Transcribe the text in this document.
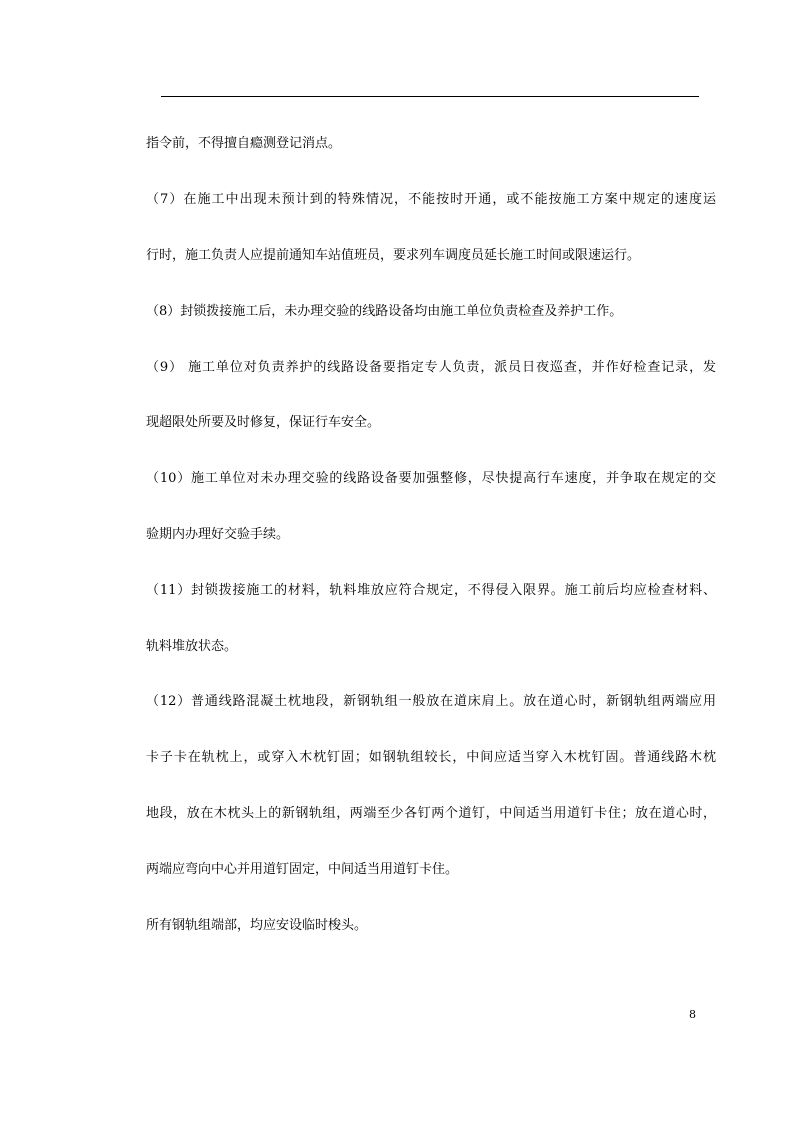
指令前，不得擅自瘾测登记消点。
（7）在施工中出现未预计到的特殊情况，不能按时开通，或不能按施工方案中规定的速度运
行时，施工负责人应提前通知车站值班员，要求列车调度员延长施工时间或限速运行。
（8）封锁拨接施工后，未办理交验的线路设备均由施工单位负责检查及养护工作。
（9） 施工单位对负责养护的线路设备要指定专人负责，派员日夜巡查，并作好检查记录，发
现超限处所要及时修复，保证行车安全。
（10）施工单位对未办理交验的线路设备要加强整修，尽快提高行车速度，并争取在规定的交
验期内办理好交验手续。
（11）封锁拨接施工的材料，轨料堆放应符合规定，不得侵入限界。施工前后均应检查材料、
轨料堆放状态。
（12）普通线路混凝土枕地段，新钢轨组一般放在道床肩上。放在道心时，新钢轨组两端应用
卡子卡在轨枕上，或穿入木枕钉固；如钢轨组较长，中间应适当穿入木枕钉固。普通线路木枕
地段，放在木枕头上的新钢轨组，两端至少各钉两个道钉，中间适当用道钉卡住；放在道心时，
两端应弯向中心并用道钉固定，中间适当用道钉卡住。
所有钢轨组端部，均应安设临时梭头。
8
